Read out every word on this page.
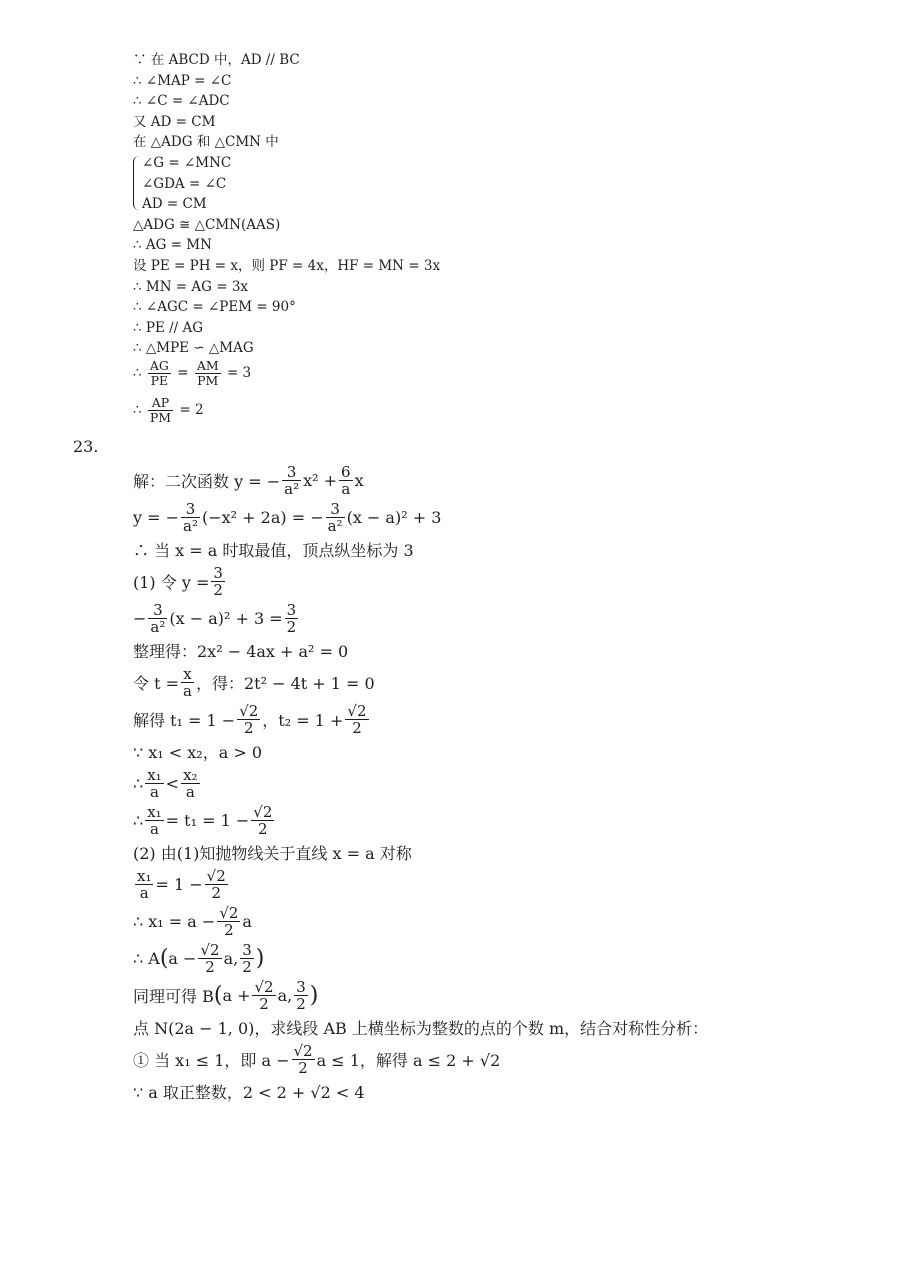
∵ 在 ABCD 中，AD // BC
∴ ∠MAP = ∠C
∴ ∠C = ∠ADC
又 AD = CM
在 △ADG 和 △CMN 中
∠G = ∠MNC
∠GDA = ∠C
AD = CM
△ADG ≅ △CMN(AAS)
∴ AG = MN
设 PE = PH = x，则 PF = 4x，HF = MN = 3x
∴ MN = AG = 3x
∴ ∠AGC = ∠PEM = 90°
∴ PE // AG
∴ △MPE ∽ △MAG
∴ $\frac{AG}{PE} = \frac{AM}{PM} = 3$
∴ $\frac{AP}{PM} = 2$
23.
解：二次函数 y = − $\frac{3}{\text{a²}} x^2 + \frac{6}{a}$ x
y = − $\frac{3}{\text{a²}} (-x^2 + 2a)$ = − $\frac{3}{\text{a²}} (x - a)^2 + 3$
∴ 当 x = a 时取最值，顶点纵坐标为 3
(1) 令 $y = \frac{3}{2}$
− $\frac{3}{\text{a²}} (x - a)^2 + 3 = \frac{3}{2}$
整理得：2x² − 4ax + a² = 0
令 $t = \frac{x}{a}$ ，得：2t² − 4t + 1 = 0
解得 $t_1 = 1 - \frac{√2}{2}$ ，$t_2 = 1 + \frac{√2}{2}$
∵ x₁ < x₂，a > 0
∴ $\frac{\text{x₁}}{a} < \frac{\text{x₂}}{a}$
∴ $\frac{\text{x₁}}{a} = t_1 = 1 - \frac{√2}{2}$
(2) 由(1)知抛物线关于直线 x = a 对称
$\frac{\text{x₁}}{a} = 1 - \frac{√2}{2}$
∴ $x_1 = a - \frac{√2}{2}$ a
∴ A ( $a - \frac{√2}{2} a$, $\frac{3}{2}$ )
同理可得 B ( $a + \frac{√2}{2} a$, $\frac{3}{2}$ )
点 N(2a − 1, 0)，求线段 AB 上横坐标为整数的点的个数 m，结合对称性分析：
① 当 x₁ ≤ 1，即 $a - \frac{√2}{2}$ a ≤ 1，解得 a ≤ 2 + √2
∵ a 取正整数，2 < 2 + √2 < 4
